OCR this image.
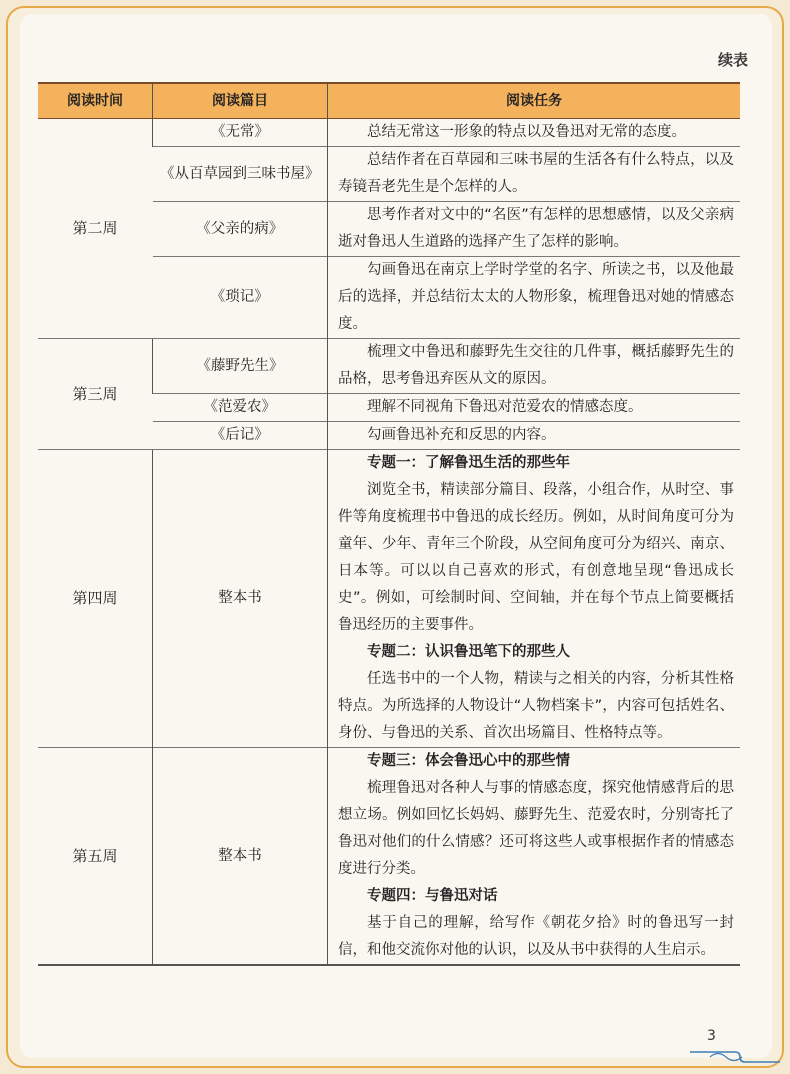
续表
阅读时间	阅读篇目	阅读任务
第二周	《无常》	总结无常这一形象的特点以及鲁迅对无常的态度。
	《从百草园到三味书屋》	总结作者在百草园和三味书屋的生活各有什么特点，以及寿镜吾老先生是个怎样的人。
	《父亲的病》	思考作者对文中的“名医”有怎样的思想感情，以及父亲病逝对鲁迅人生道路的选择产生了怎样的影响。
	《琐记》	勾画鲁迅在南京上学时学堂的名字、所读之书，以及他最后的选择，并总结衍太太的人物形象，梳理鲁迅对她的情感态度。
第三周	《藤野先生》	梳理文中鲁迅和藤野先生交往的几件事，概括藤野先生的品格，思考鲁迅弃医从文的原因。
	《范爱农》	理解不同视角下鲁迅对范爱农的情感态度。
	《后记》	勾画鲁迅补充和反思的内容。
第四周	整本书	专题一：了解鲁迅生活的那些年

浏览全书，精读部分篇目、段落，小组合作，从时空、事件等角度梳理书中鲁迅的成长经历。例如，从时间角度可分为童年、少年、青年三个阶段，从空间角度可分为绍兴、南京、日本等。可以以自己喜欢的形式，有创意地呈现“鲁迅成长史”。例如，可绘制时间、空间轴，并在每个节点上简要概括鲁迅经历的主要事件。

专题二：认识鲁迅笔下的那些人

任选书中的一个人物，精读与之相关的内容，分析其性格特点。为所选择的人物设计“人物档案卡”，内容可包括姓名、身份、与鲁迅的关系、首次出场篇目、性格特点等。

第五周	整本书	专题三：体会鲁迅心中的那些情

梳理鲁迅对各种人与事的情感态度，探究他情感背后的思想立场。例如回忆长妈妈、藤野先生、范爱农时，分别寄托了鲁迅对他们的什么情感？还可将这些人或事根据作者的情感态度进行分类。

专题四：与鲁迅对话

基于自己的理解，给写作《朝花夕拾》时的鲁迅写一封信，和他交流你对他的认识，以及从书中获得的人生启示。

3
